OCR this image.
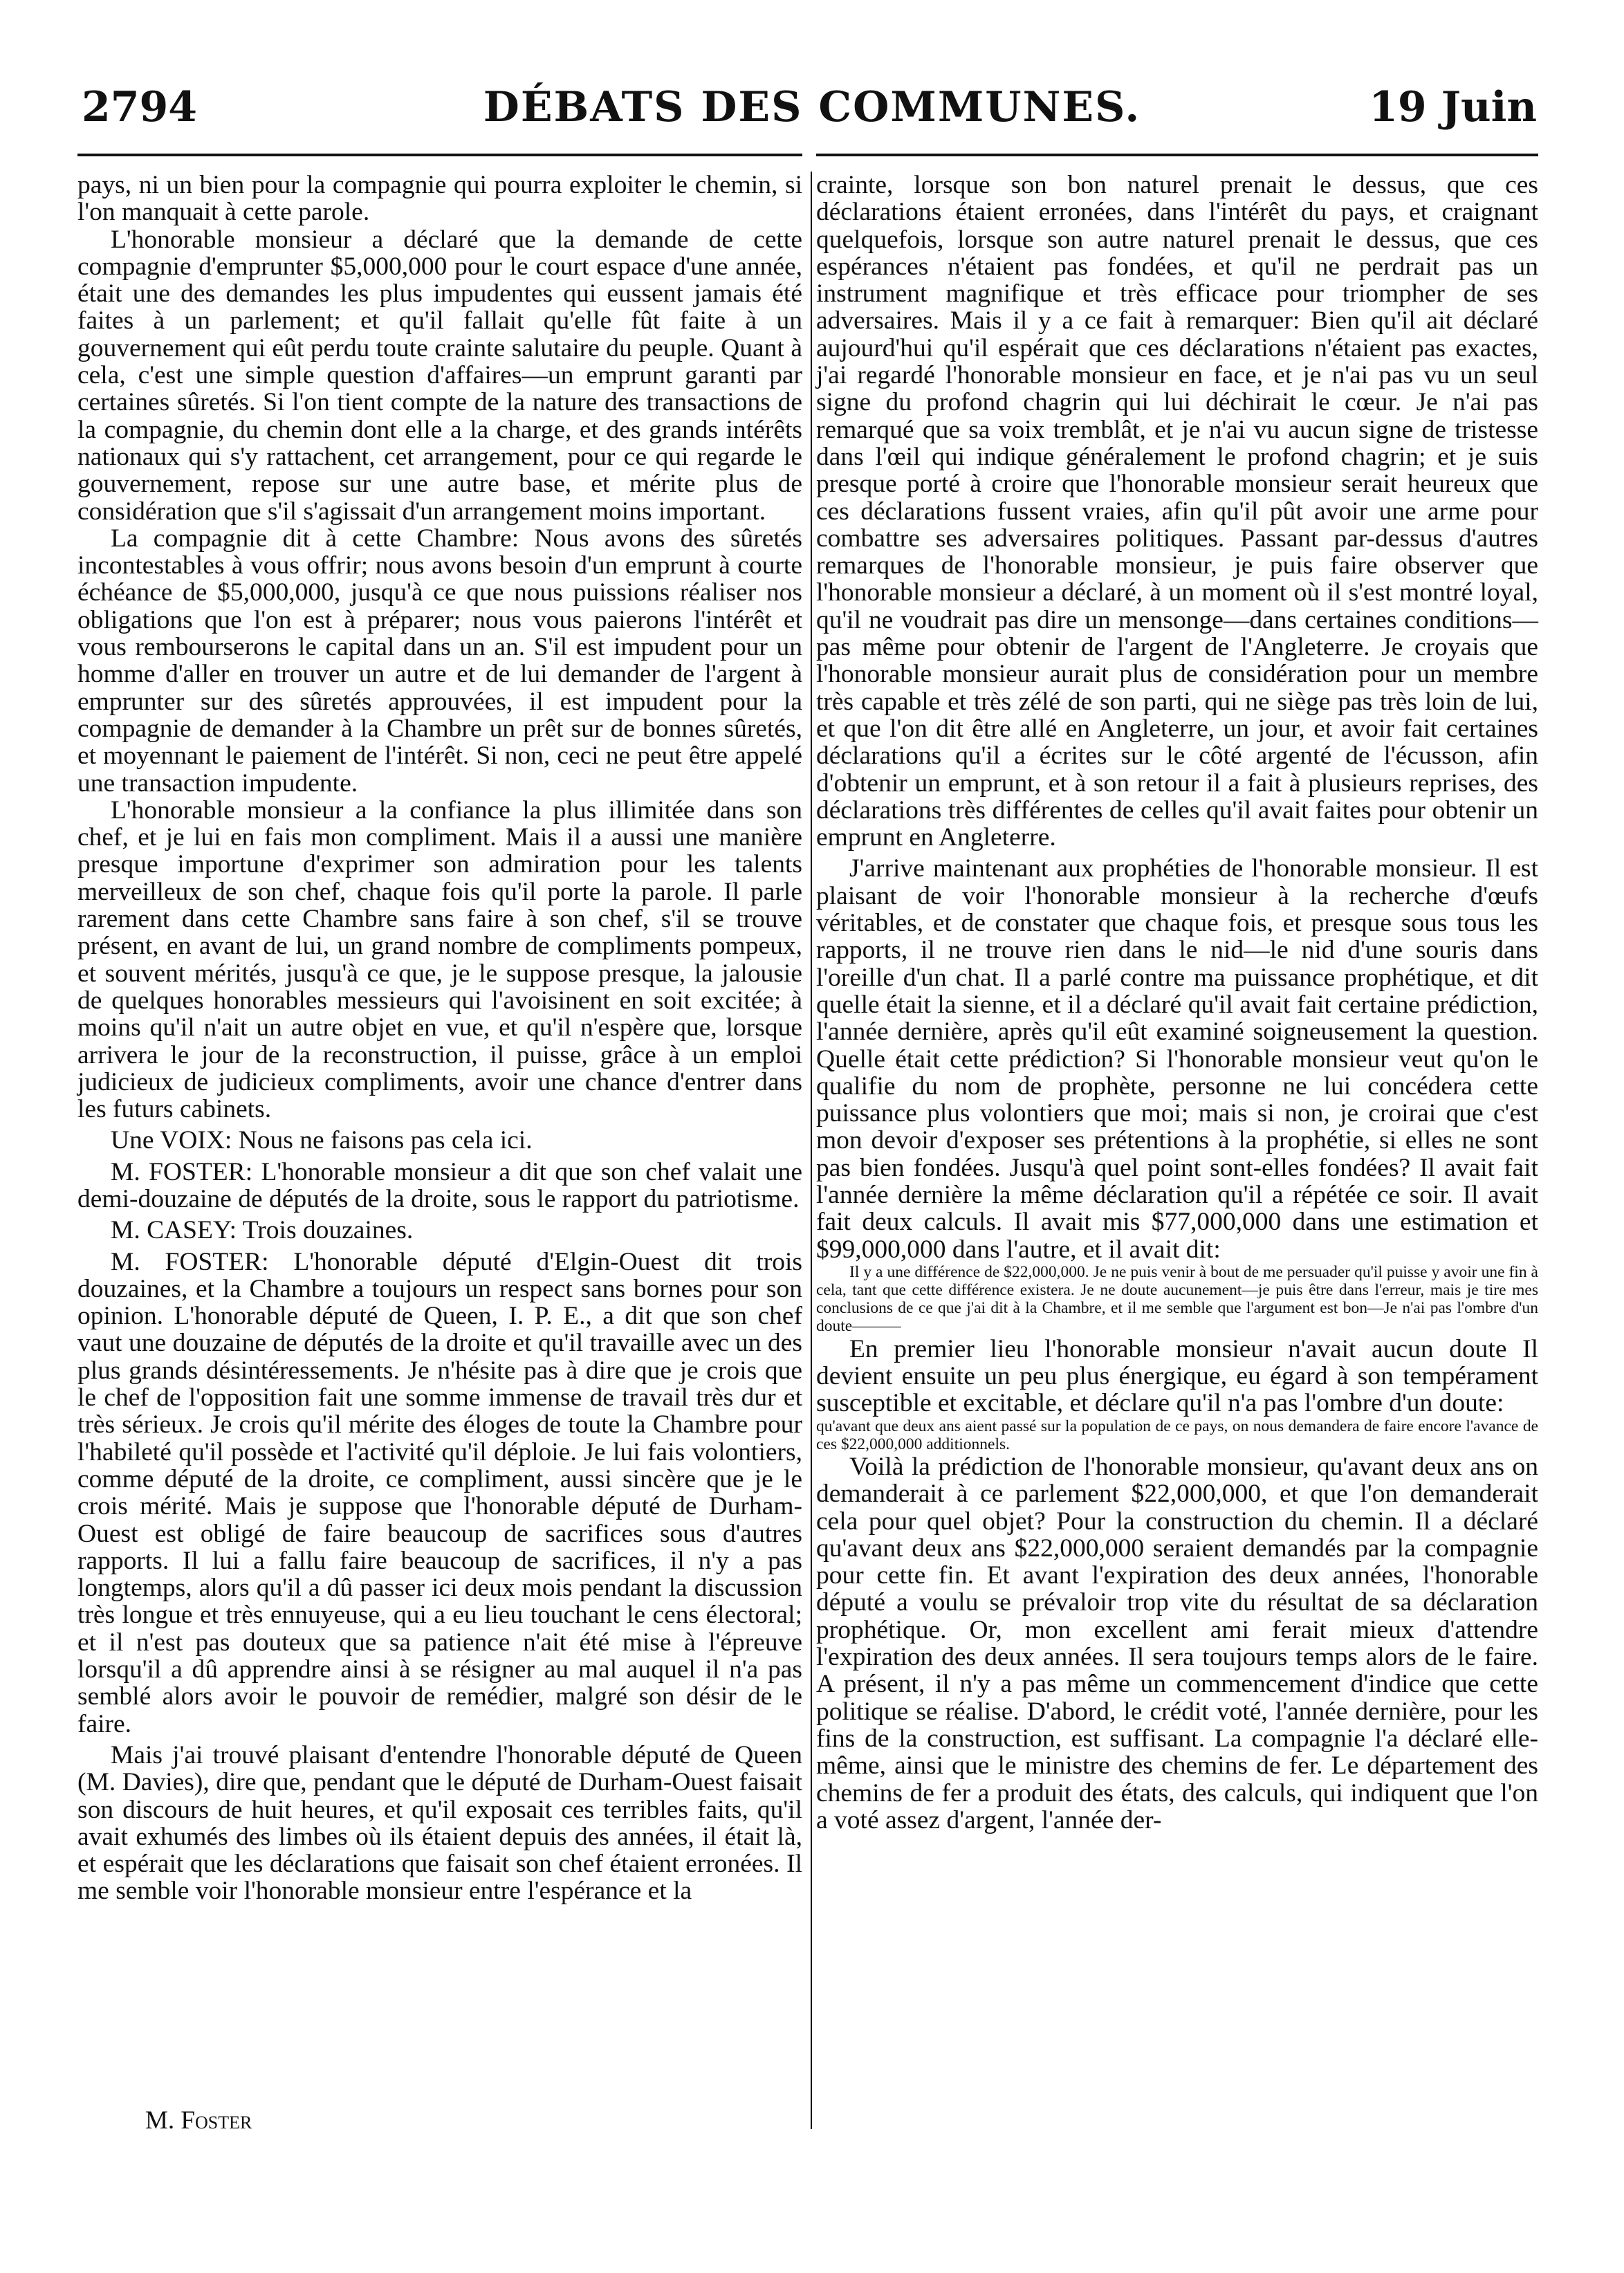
2794	DÉBATS DES COMMUNES.	19 Juin

pays, ni un bien pour la compagnie qui pourra exploiter le chemin, si l'on manquait à cette parole.

L'honorable monsieur a déclaré que la demande de cette compagnie d'emprunter $5,000,000 pour le court espace d'une année, était une des demandes les plus impudentes qui eussent jamais été faites à un parlement; et qu'il fallait qu'elle fût faite à un gouvernement qui eût perdu toute crainte salutaire du peuple. Quant à cela, c'est une simple question d'affaires—un emprunt garanti par certaines sûretés. Si l'on tient compte de la nature des transactions de la compagnie, du chemin dont elle a la charge, et des grands intérêts nationaux qui s'y rattachent, cet arrangement, pour ce qui regarde le gouvernement, repose sur une autre base, et mérite plus de considération que s'il s'agissait d'un arrangement moins important.

La compagnie dit à cette Chambre: Nous avons des sûretés incontestables à vous offrir; nous avons besoin d'un emprunt à courte échéance de $5,000,000, jusqu'à ce que nous puissions réaliser nos obligations que l'on est à préparer; nous vous paierons l'intérêt et vous rembourserons le capital dans un an. S'il est impudent pour un homme d'aller en trouver un autre et de lui demander de l'argent à emprunter sur des sûretés approuvées, il est impudent pour la compagnie de demander à la Chambre un prêt sur de bonnes sûretés, et moyennant le paiement de l'intérêt. Si non, ceci ne peut être appelé une transaction impudente.

L'honorable monsieur a la confiance la plus illimitée dans son chef, et je lui en fais mon compliment. Mais il a aussi une manière presque importune d'exprimer son admiration pour les talents merveilleux de son chef, chaque fois qu'il porte la parole. Il parle rarement dans cette Chambre sans faire à son chef, s'il se trouve présent, en avant de lui, un grand nombre de compliments pompeux, et souvent mérités, jusqu'à ce que, je le suppose presque, la jalousie de quelques honorables messieurs qui l'avoisinent en soit excitée; à moins qu'il n'ait un autre objet en vue, et qu'il n'espère que, lorsque arrivera le jour de la reconstruction, il puisse, grâce à un emploi judicieux de judicieux compliments, avoir une chance d'entrer dans les futurs cabinets.

Une VOIX: Nous ne faisons pas cela ici.

M. FOSTER: L'honorable monsieur a dit que son chef valait une demi-douzaine de députés de la droite, sous le rapport du patriotisme.

M. CASEY: Trois douzaines.

M. FOSTER: L'honorable député d'Elgin-Ouest dit trois douzaines, et la Chambre a toujours un respect sans bornes pour son opinion. L'honorable député de Queen, I. P. E., a dit que son chef vaut une douzaine de députés de la droite et qu'il travaille avec un des plus grands désintéressements. Je n'hésite pas à dire que je crois que le chef de l'opposition fait une somme immense de travail très dur et très sérieux. Je crois qu'il mérite des éloges de toute la Chambre pour l'habileté qu'il possède et l'activité qu'il déploie. Je lui fais volontiers, comme député de la droite, ce compliment, aussi sincère que je le crois mérité. Mais je suppose que l'honorable député de Durham-Ouest est obligé de faire beaucoup de sacrifices sous d'autres rapports. Il lui a fallu faire beaucoup de sacrifices, il n'y a pas longtemps, alors qu'il a dû passer ici deux mois pendant la discussion très longue et très ennuyeuse, qui a eu lieu touchant le cens électoral; et il n'est pas douteux que sa patience n'ait été mise à l'épreuve lorsqu'il a dû apprendre ainsi à se résigner au mal auquel il n'a pas semblé alors avoir le pouvoir de remédier, malgré son désir de le faire.

Mais j'ai trouvé plaisant d'entendre l'honorable député de Queen (M. Davies), dire que, pendant que le député de Durham-Ouest faisait son discours de huit heures, et qu'il exposait ces terribles faits, qu'il avait exhumés des limbes où ils étaient depuis des années, il était là, et espérait que les déclarations que faisait son chef étaient erronées. Il me semble voir l'honorable monsieur entre l'espérance et la

crainte, lorsque son bon naturel prenait le dessus, que ces déclarations étaient erronées, dans l'intérêt du pays, et craignant quelquefois, lorsque son autre naturel prenait le dessus, que ces espérances n'étaient pas fondées, et qu'il ne perdrait pas un instrument magnifique et très efficace pour triompher de ses adversaires. Mais il y a ce fait à remarquer: Bien qu'il ait déclaré aujourd'hui qu'il espérait que ces déclarations n'étaient pas exactes, j'ai regardé l'honorable monsieur en face, et je n'ai pas vu un seul signe du profond chagrin qui lui déchirait le cœur. Je n'ai pas remarqué que sa voix tremblât, et je n'ai vu aucun signe de tristesse dans l'œil qui indique généralement le profond chagrin; et je suis presque porté à croire que l'honorable monsieur serait heureux que ces déclarations fussent vraies, afin qu'il pût avoir une arme pour combattre ses adversaires politiques. Passant par-dessus d'autres remarques de l'honorable monsieur, je puis faire observer que l'honorable monsieur a déclaré, à un moment où il s'est montré loyal, qu'il ne voudrait pas dire un mensonge—dans certaines conditions—pas même pour obtenir de l'argent de l'Angleterre. Je croyais que l'honorable monsieur aurait plus de considération pour un membre très capable et très zélé de son parti, qui ne siège pas très loin de lui, et que l'on dit être allé en Angleterre, un jour, et avoir fait certaines déclarations qu'il a écrites sur le côté argenté de l'écusson, afin d'obtenir un emprunt, et à son retour il a fait à plusieurs reprises, des déclarations très différentes de celles qu'il avait faites pour obtenir un emprunt en Angleterre.

J'arrive maintenant aux prophéties de l'honorable monsieur. Il est plaisant de voir l'honorable monsieur à la recherche d'œufs véritables, et de constater que chaque fois, et presque sous tous les rapports, il ne trouve rien dans le nid—le nid d'une souris dans l'oreille d'un chat. Il a parlé contre ma puissance prophétique, et dit quelle était la sienne, et il a déclaré qu'il avait fait certaine prédiction, l'année dernière, après qu'il eût examiné soigneusement la question. Quelle était cette prédiction? Si l'honorable monsieur veut qu'on le qualifie du nom de prophète, personne ne lui concédera cette puissance plus volontiers que moi; mais si non, je croirai que c'est mon devoir d'exposer ses prétentions à la prophétie, si elles ne sont pas bien fondées. Jusqu'à quel point sont-elles fondées? Il avait fait l'année dernière la même déclaration qu'il a répétée ce soir. Il avait fait deux calculs. Il avait mis $77,000,000 dans une estimation et $99,000,000 dans l'autre, et il avait dit:

Il y a une différence de $22,000,000. Je ne puis venir à bout de me persuader qu'il puisse y avoir une fin à cela, tant que cette différence existera. Je ne doute aucunement—je puis être dans l'erreur, mais je tire mes conclusions de ce que j'ai dit à la Chambre, et il me semble que l'argument est bon—Je n'ai pas l'ombre d'un doute———

En premier lieu l'honorable monsieur n'avait aucun doute Il devient ensuite un peu plus énergique, eu égard à son tempérament susceptible et excitable, et déclare qu'il n'a pas l'ombre d'un doute:

qu'avant que deux ans aient passé sur la population de ce pays, on nous demandera de faire encore l'avance de ces $22,000,000 additionnels.

Voilà la prédiction de l'honorable monsieur, qu'avant deux ans on demanderait à ce parlement $22,000,000, et que l'on demanderait cela pour quel objet? Pour la construction du chemin. Il a déclaré qu'avant deux ans $22,000,000 seraient demandés par la compagnie pour cette fin. Et avant l'expiration des deux années, l'honorable député a voulu se prévaloir trop vite du résultat de sa déclaration prophétique. Or, mon excellent ami ferait mieux d'attendre l'expiration des deux années. Il sera toujours temps alors de le faire. A présent, il n'y a pas même un commencement d'indice que cette politique se réalise. D'abord, le crédit voté, l'année dernière, pour les fins de la construction, est suffisant. La compagnie l'a déclaré elle-même, ainsi que le ministre des chemins de fer. Le département des chemins de fer a produit des états, des calculs, qui indiquent que l'on a voté assez d'argent, l'année der-

M. Foster
